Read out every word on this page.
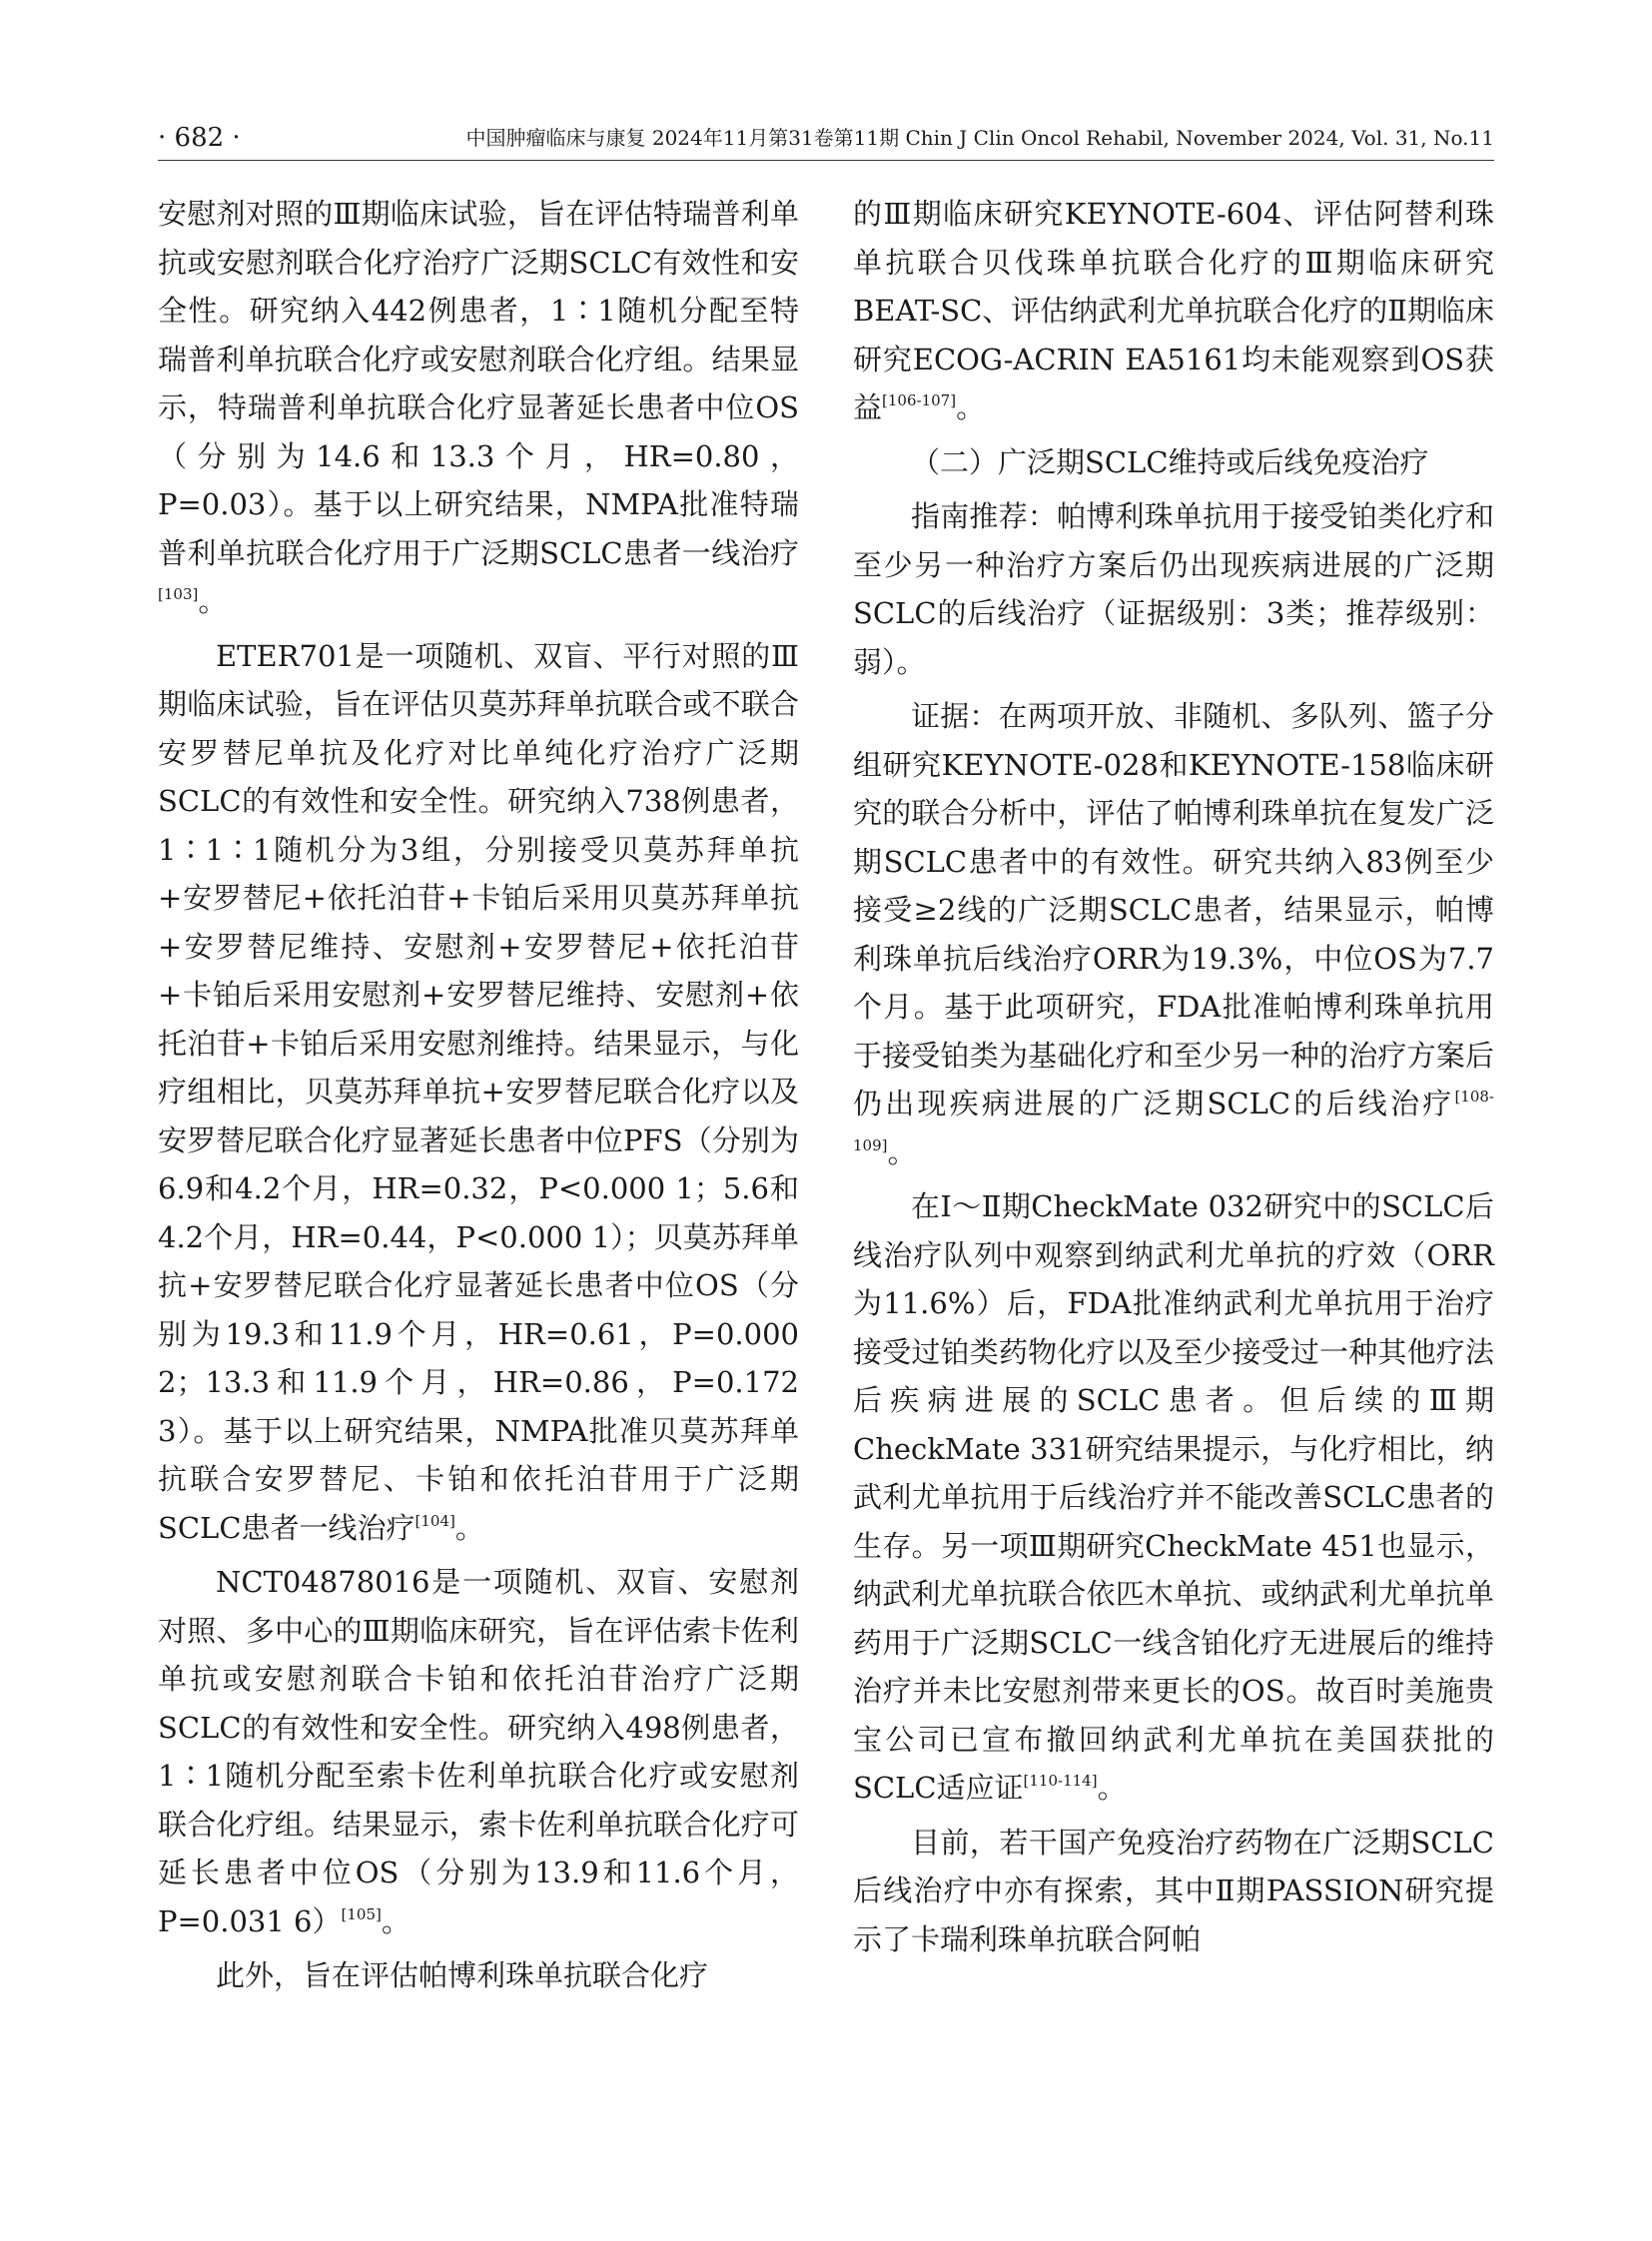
· 682 ·	中国肿瘤临床与康复 2024年11月第31卷第11期 Chin J Clin Oncol Rehabil, November 2024, Vol. 31, No.11

安慰剂对照的Ⅲ期临床试验，旨在评估特瑞普利单抗或安慰剂联合化疗治疗广泛期SCLC有效性和安全性。研究纳入442例患者，1∶1随机分配至特瑞普利单抗联合化疗或安慰剂联合化疗组。结果显示，特瑞普利单抗联合化疗显著延长患者中位OS（分别为14.6和13.3个月，HR=0.80，P=0.03）。基于以上研究结果，NMPA批准特瑞普利单抗联合化疗用于广泛期SCLC患者一线治疗[103]。

ETER701是一项随机、双盲、平行对照的Ⅲ期临床试验，旨在评估贝莫苏拜单抗联合或不联合安罗替尼单抗及化疗对比单纯化疗治疗广泛期SCLC的有效性和安全性。研究纳入738例患者，1∶1∶1随机分为3组，分别接受贝莫苏拜单抗+安罗替尼+依托泊苷+卡铂后采用贝莫苏拜单抗+安罗替尼维持、安慰剂+安罗替尼+依托泊苷+卡铂后采用安慰剂+安罗替尼维持、安慰剂+依托泊苷+卡铂后采用安慰剂维持。结果显示，与化疗组相比，贝莫苏拜单抗+安罗替尼联合化疗以及安罗替尼联合化疗显著延长患者中位PFS（分别为6.9和4.2个月，HR=0.32，P<0.000 1；5.6和4.2个月，HR=0.44，P<0.000 1）；贝莫苏拜单抗+安罗替尼联合化疗显著延长患者中位OS（分别为19.3和11.9个月，HR=0.61，P=0.000 2；13.3和11.9个月，HR=0.86，P=0.172 3）。基于以上研究结果，NMPA批准贝莫苏拜单抗联合安罗替尼、卡铂和依托泊苷用于广泛期SCLC患者一线治疗[104]。

NCT04878016是一项随机、双盲、安慰剂对照、多中心的Ⅲ期临床研究，旨在评估索卡佐利单抗或安慰剂联合卡铂和依托泊苷治疗广泛期SCLC的有效性和安全性。研究纳入498例患者，1∶1随机分配至索卡佐利单抗联合化疗或安慰剂联合化疗组。结果显示，索卡佐利单抗联合化疗可延长患者中位OS（分别为13.9和11.6个月，P=0.031 6）[105]。

此外，旨在评估帕博利珠单抗联合化疗

的Ⅲ期临床研究KEYNOTE-604、评估阿替利珠单抗联合贝伐珠单抗联合化疗的Ⅲ期临床研究BEAT-SC、评估纳武利尤单抗联合化疗的Ⅱ期临床研究ECOG-ACRIN EA5161均未能观察到OS获益[106-107]。

（二）广泛期SCLC维持或后线免疫治疗

指南推荐：帕博利珠单抗用于接受铂类化疗和至少另一种治疗方案后仍出现疾病进展的广泛期SCLC的后线治疗（证据级别：3类；推荐级别：弱）。

证据：在两项开放、非随机、多队列、篮子分组研究KEYNOTE-028和KEYNOTE-158临床研究的联合分析中，评估了帕博利珠单抗在复发广泛期SCLC患者中的有效性。研究共纳入83例至少接受≥2线的广泛期SCLC患者，结果显示，帕博利珠单抗后线治疗ORR为19.3%，中位OS为7.7个月。基于此项研究，FDA批准帕博利珠单抗用于接受铂类为基础化疗和至少另一种的治疗方案后仍出现疾病进展的广泛期SCLC的后线治疗[108-109]。

在Ⅰ～Ⅱ期CheckMate 032研究中的SCLC后线治疗队列中观察到纳武利尤单抗的疗效（ORR为11.6%）后，FDA批准纳武利尤单抗用于治疗接受过铂类药物化疗以及至少接受过一种其他疗法后疾病进展的SCLC患者。但后续的Ⅲ期CheckMate 331研究结果提示，与化疗相比，纳武利尤单抗用于后线治疗并不能改善SCLC患者的生存。另一项Ⅲ期研究CheckMate 451也显示，纳武利尤单抗联合依匹木单抗、或纳武利尤单抗单药用于广泛期SCLC一线含铂化疗无进展后的维持治疗并未比安慰剂带来更长的OS。故百时美施贵宝公司已宣布撤回纳武利尤单抗在美国获批的SCLC适应证[110-114]。

目前，若干国产免疫治疗药物在广泛期SCLC后线治疗中亦有探索，其中Ⅱ期PASSION研究提示了卡瑞利珠单抗联合阿帕
